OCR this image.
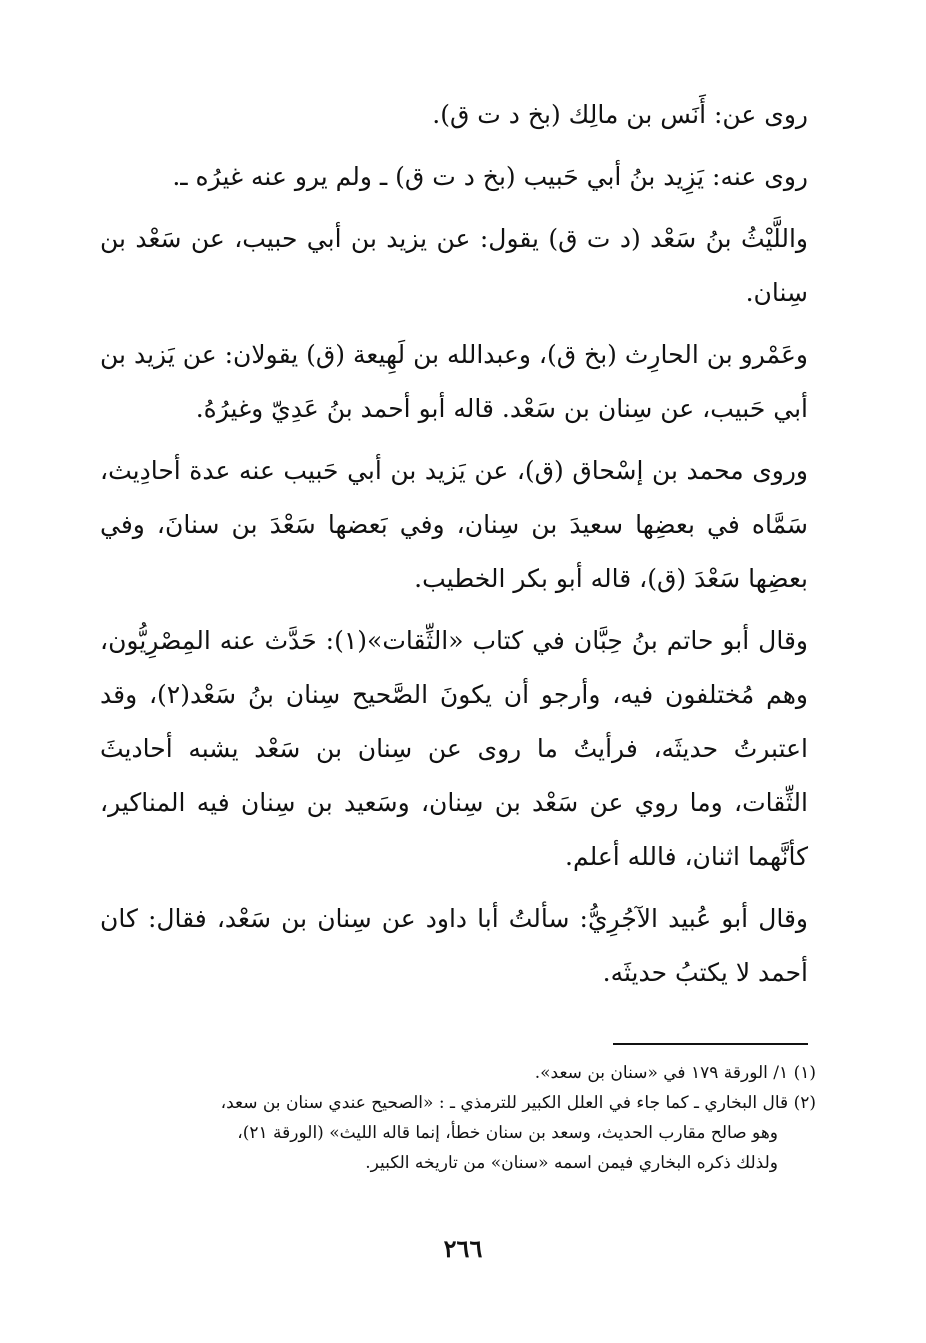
روى عن: أَنَس بن مالِك (بخ د ت ق).

روى عنه: يَزِيد بنُ أبي حَبيب (بخ د ت ق) ـ ولم يرو عنه غيرُه ـ.

واللَّيْثُ بنُ سَعْد (د ت ق) يقول: عن يزيد بن أبي حبيب، عن سَعْد بن سِنان.

وعَمْرو بن الحارِث (بخ ق)، وعبدالله بن لَهِيعة (ق) يقولان: عن يَزيد بن أبي حَبيب، عن سِنان بن سَعْد. قاله أبو أحمد بنُ عَدِيّ وغيرُهُ.

وروى محمد بن إسْحاق (ق)، عن يَزيد بن أبي حَبيب عنه عدة أحادِيث، سَمَّاه في بعضِها سعيدَ بن سِنان، وفي بَعضها سَعْدَ بن سنانَ، وفي بعضِها سَعْدَ (ق)، قاله أبو بكر الخطيب.

وقال أبو حاتم بنُ حِبَّان في كتاب «الثِّقات»(١): حَدَّث عنه المِصْرِيُّون، وهم مُختلفون فيه، وأرجو أن يكونَ الصَّحيح سِنان بنُ سَعْد(٢)، وقد اعتبرتُ حديثَه، فرأيتُ ما روى عن سِنان بن سَعْد يشبه أحاديثَ الثِّقات، وما روي عن سَعْد بن سِنان، وسَعيد بن سِنان فيه المناكير، كأنَّهما اثنان، فالله أعلم.

وقال أبو عُبيد الآجُرِيُّ: سألتُ أبا داود عن سِنان بن سَعْد، فقال: كان أحمد لا يكتبُ حديثَه.

(١) ١/ الورقة ١٧٩ في «سنان بن سعد».

(٢) قال البخاري ـ كما جاء في العلل الكبير للترمذي ـ : «الصحيح عندي سنان بن سعد،

وهو صالح مقارب الحديث، وسعد بن سنان خطأ، إنما قاله الليث» (الورقة ٢١)،

ولذلك ذكره البخاري فيمن اسمه «سنان» من تاريخه الكبير.

٢٦٦
